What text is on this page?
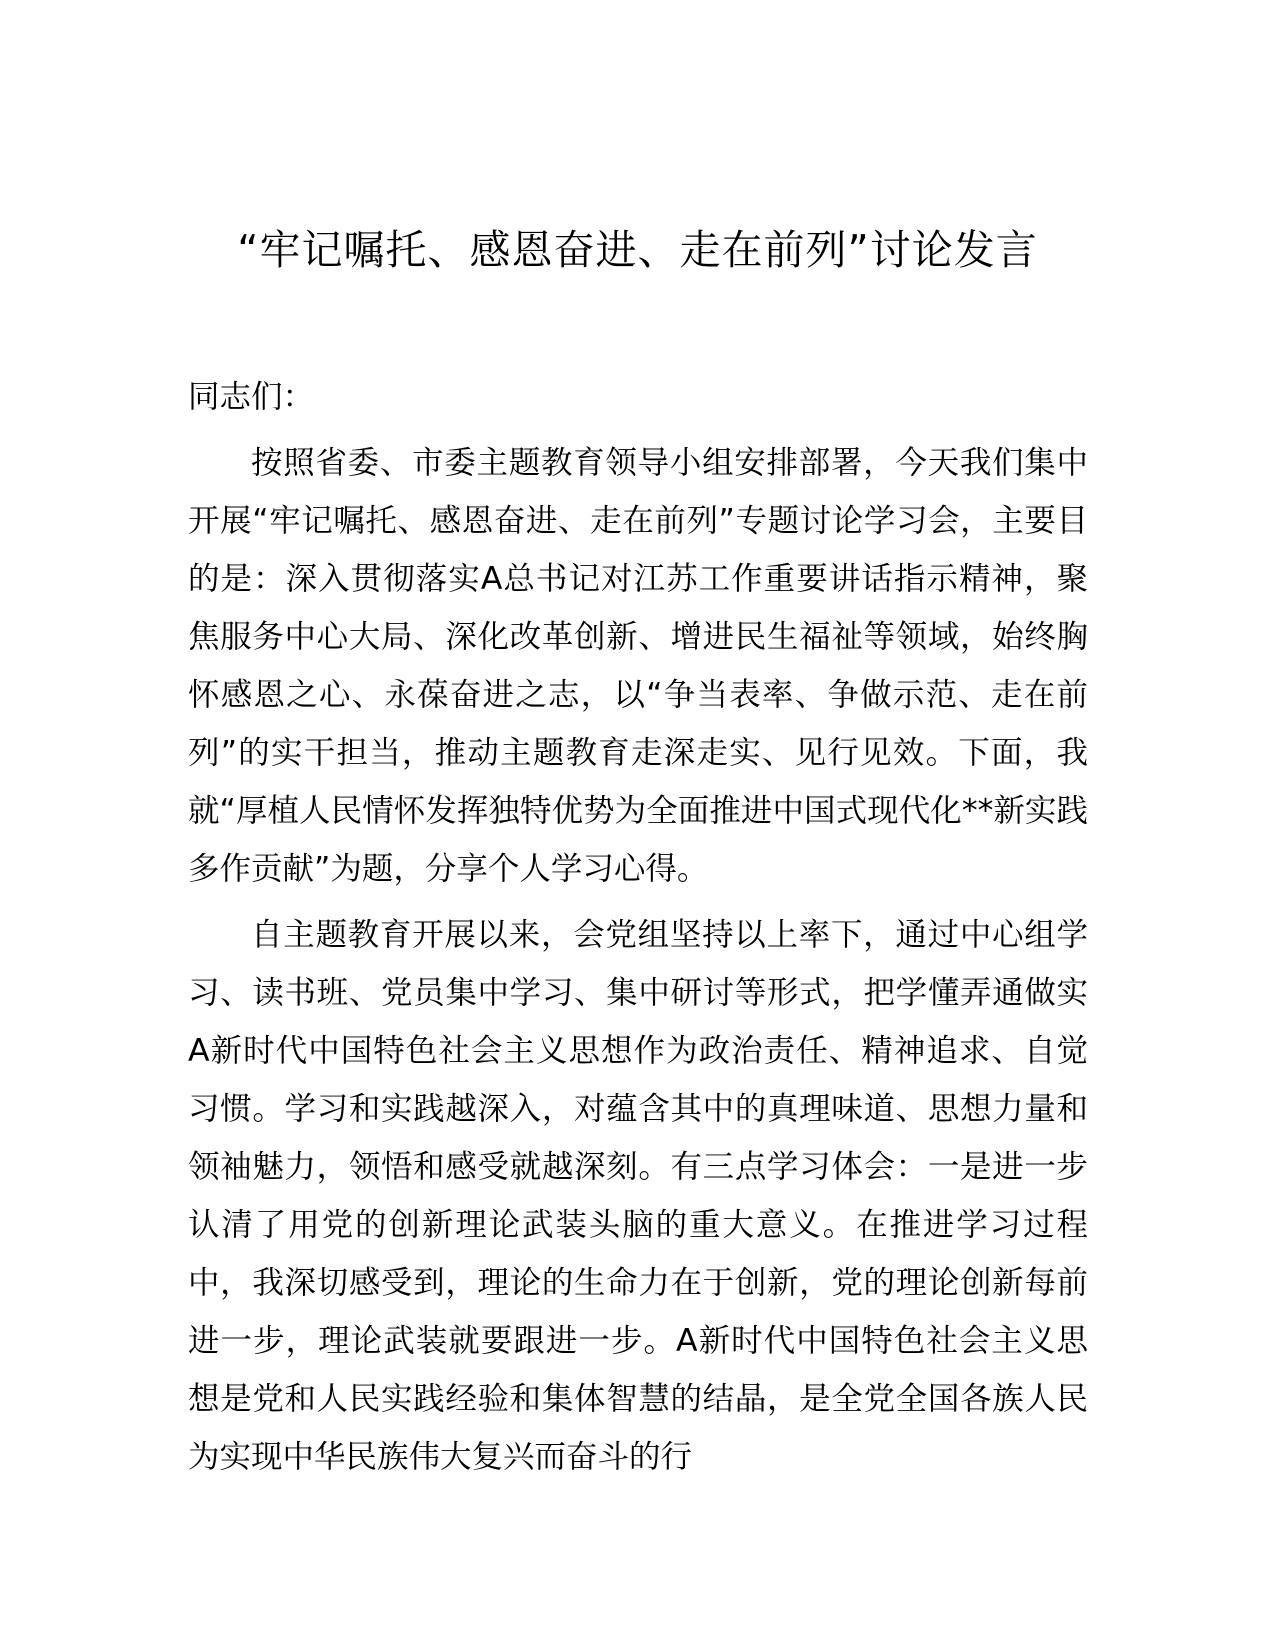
“牢记嘱托、感恩奋进、走在前列”讨论发言

同志们：

按照省委、市委主题教育领导小组安排部署，今天我们集中开展“牢记嘱托、感恩奋进、走在前列”专题讨论学习会，主要目的是：深入贯彻落实A总书记对江苏工作重要讲话指示精神，聚焦服务中心大局、深化改革创新、增进民生福祉等领域，始终胸怀感恩之心、永葆奋进之志，以“争当表率、争做示范、走在前列”的实干担当，推动主题教育走深走实、见行见效。下面，我就“厚植人民情怀发挥独特优势为全面推进中国式现代化**新实践多作贡献”为题，分享个人学习心得。

自主题教育开展以来，会党组坚持以上率下，通过中心组学习、读书班、党员集中学习、集中研讨等形式，把学懂弄通做实A新时代中国特色社会主义思想作为政治责任、精神追求、自觉习惯。学习和实践越深入，对蕴含其中的真理味道、思想力量和领袖魅力，领悟和感受就越深刻。有三点学习体会：一是进一步认清了用党的创新理论武装头脑的重大意义。在推进学习过程中，我深切感受到，理论的生命力在于创新，党的理论创新每前进一步，理论武装就要跟进一步。A新时代中国特色社会主义思想是党和人民实践经验和集体智慧的结晶，是全党全国各族人民为实现中华民族伟大复兴而奋斗的行
